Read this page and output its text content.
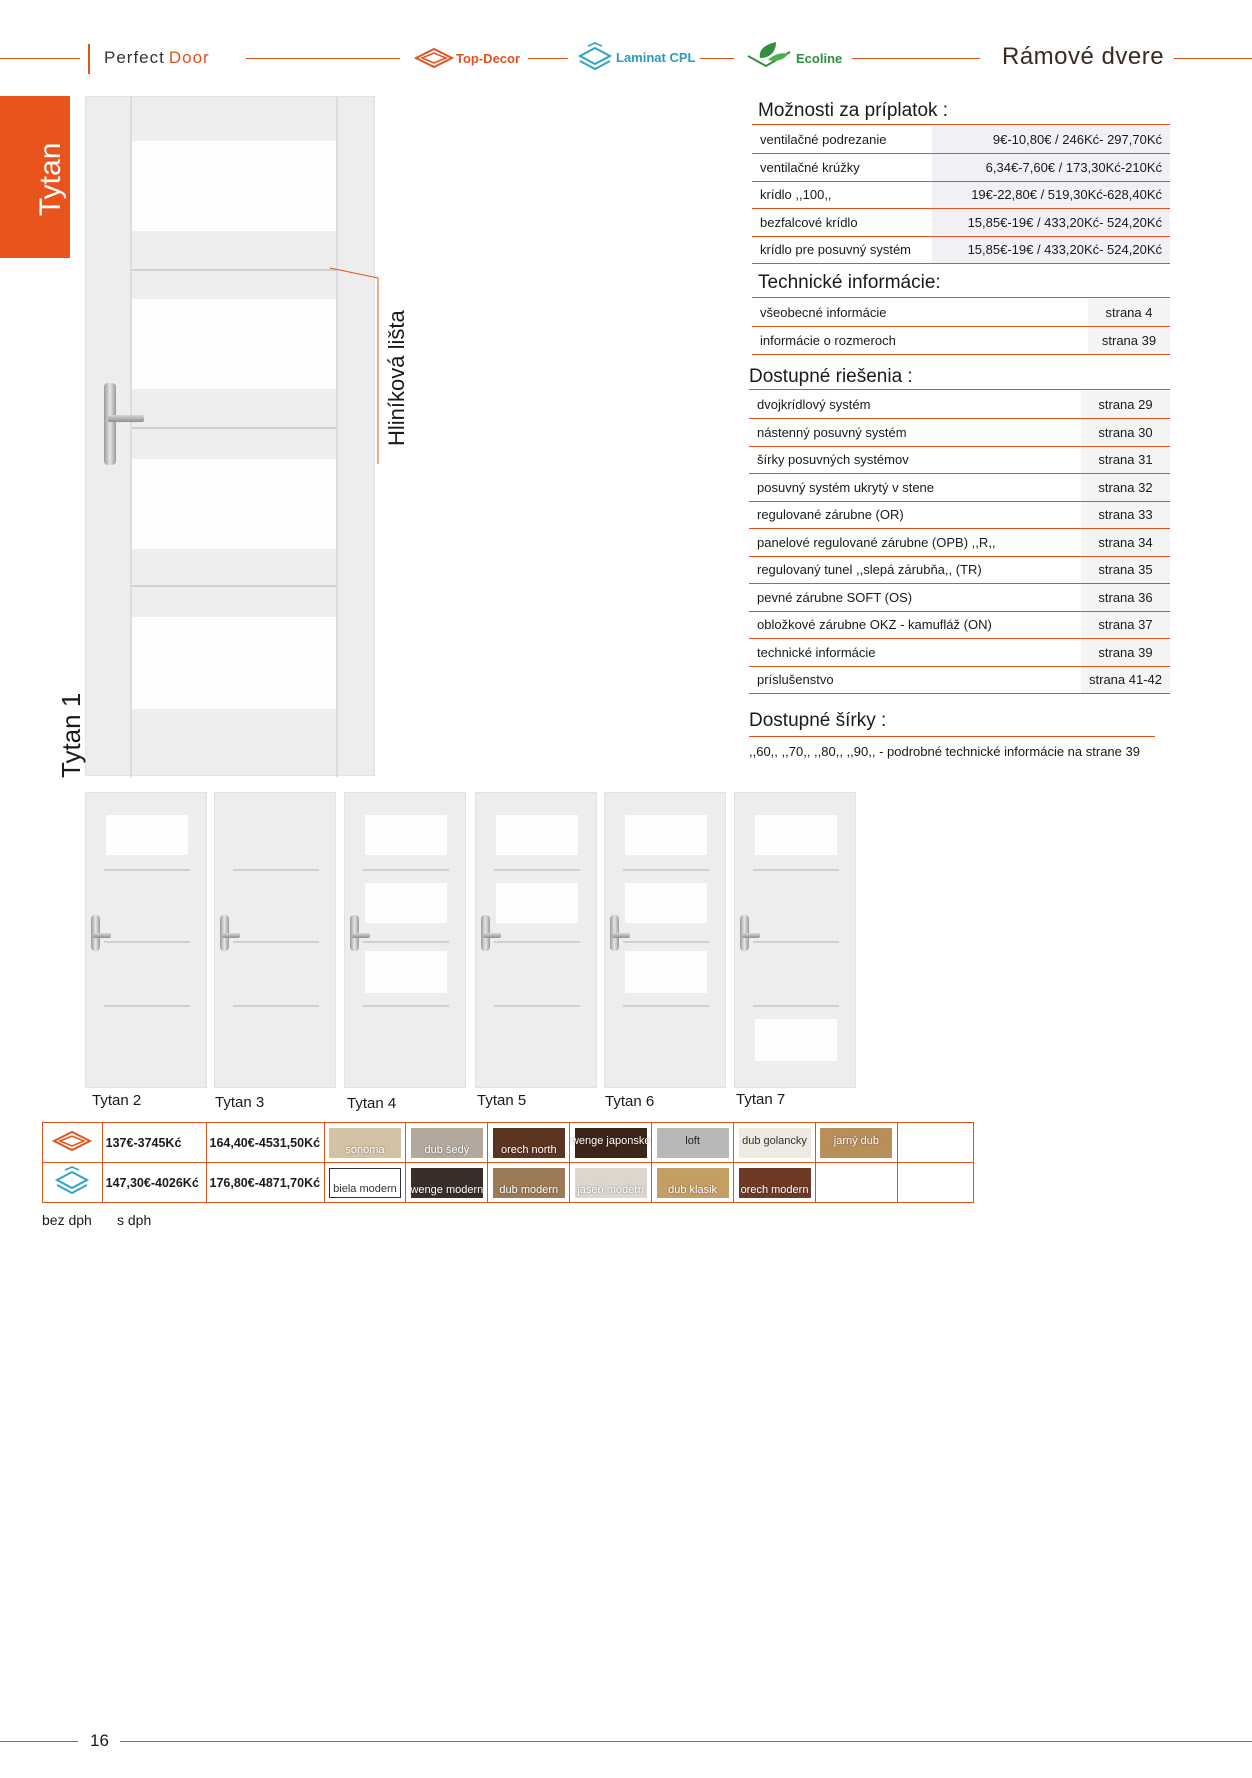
Perfect Door	Top-Decor	Laminat CPL	Ecoline	Rámové dvere
Tytan
Tytan 1
Hliníková lišta
Možnosti za príplatok :
ventilačné podrezanie	9€-10,80€ / 246Kć- 297,70Kć
ventilačné krúžky	6,34€-7,60€ / 173,30Kć-210Kć
krídlo ,,100,,	19€-22,80€ / 519,30Kć-628,40Kć
bezfalcové krídlo	15,85€-19€ / 433,20Kć- 524,20Kć
krídlo pre posuvný systém	15,85€-19€ / 433,20Kć- 524,20Kć
Technické informácie:
všeobecné informácie	strana 4
informácie o rozmeroch	strana 39
Dostupné riešenia :
dvojkrídlový systém	strana 29
nástenný posuvný systém	strana 30
šírky posuvných systémov	strana 31
posuvný systém ukrytý v stene	strana 32
regulované zárubne (OR)	strana 33
panelové regulované zárubne (OPB) ,,R,,	strana 34
regulovaný tunel ,,slepá zárubňa,, (TR)	strana 35
pevné zárubne SOFT (OS)	strana 36
obložkové zárubne OKZ - kamufláž (ON)	strana 37
technické informácie	strana 39
príslušenstvo	strana 41-42
Dostupné šírky :
,,60,, ,,70,, ,,80,, ,,90,, - podrobné technické informácie na strane 39
Tytan 2	Tytan 3	Tytan 4	Tytan 5	Tytan 6	Tytan 7
	137€-3745Kć	164,40€-4531,50Kć	sonoma	dub šedý	orech north	wenge japonské	loft	dub golancky	jarný dub	

	147,30€-4026Kć	176,80€-4871,70Kć	biela modern	wenge modern	dub modern	jaseň modern	dub klasik	orech modern		

bez dph s dph
16
